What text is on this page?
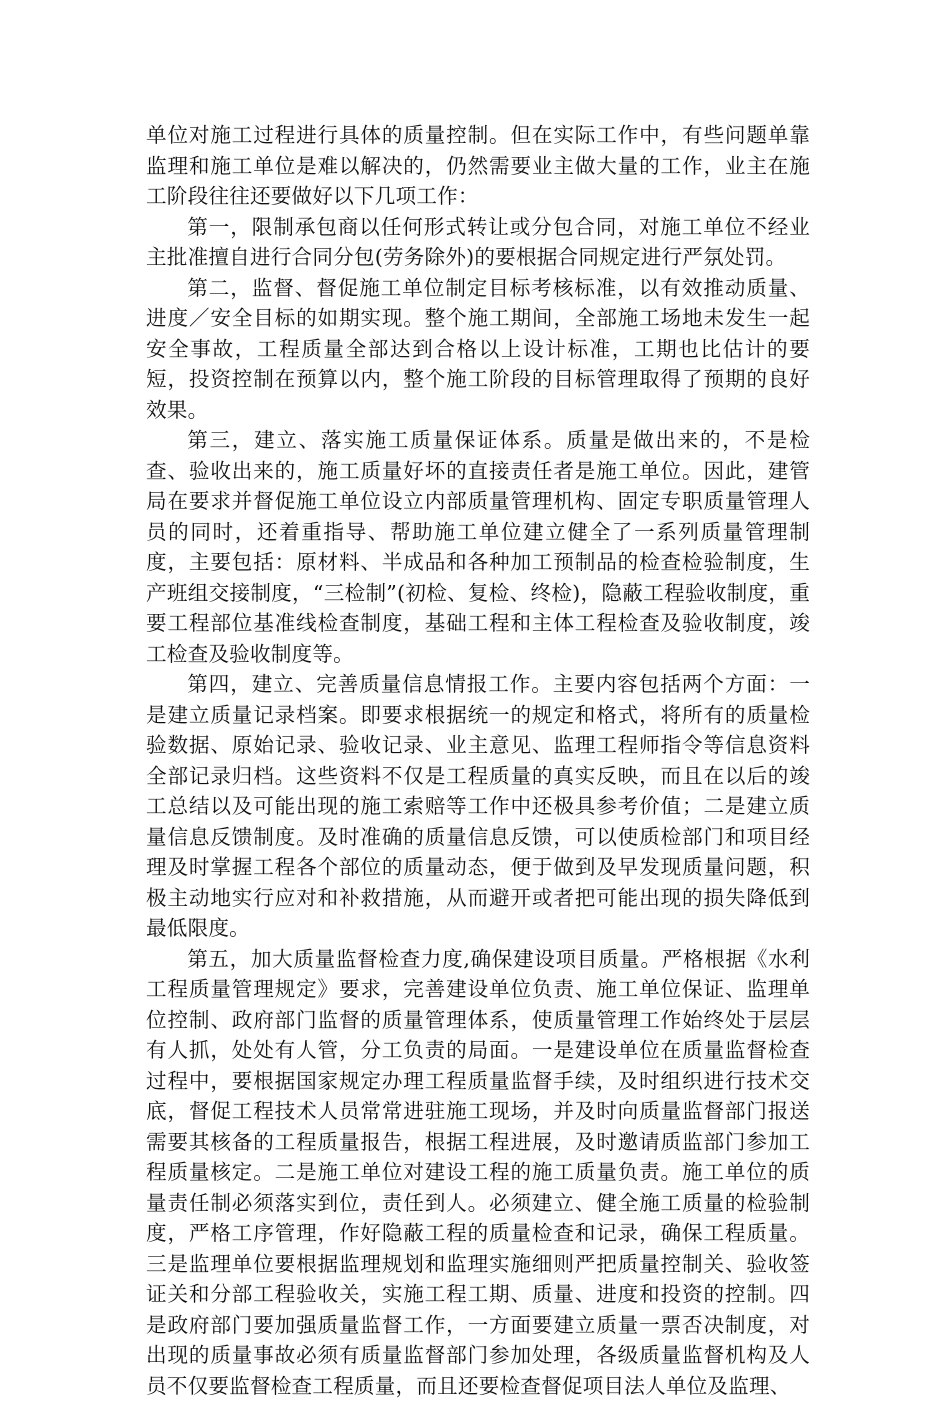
单位对施工过程进行具体的质量控制。但在实际工作中，有些问题单靠监理和施工单位是难以解决的，仍然需要业主做大量的工作，业主在施工阶段往往还要做好以下几项工作：

第一，限制承包商以任何形式转让或分包合同，对施工单位不经业主批准擅自进行合同分包(劳务除外)的要根据合同规定进行严氛处罚。

第二，监督、督促施工单位制定目标考核标准，以有效推动质量、进度／安全目标的如期实现。整个施工期间，全部施工场地未发生一起安全事故，工程质量全部达到合格以上设计标准，工期也比估计的要短，投资控制在预算以内，整个施工阶段的目标管理取得了预期的良好效果。

第三，建立、落实施工质量保证体系。质量是做出来的，不是检查、验收出来的，施工质量好坏的直接责任者是施工单位。因此，建管局在要求并督促施工单位设立内部质量管理机构、固定专职质量管理人员的同时，还着重指导、帮助施工单位建立健全了一系列质量管理制度，主要包括：原材料、半成品和各种加工预制品的检查检验制度，生产班组交接制度，“三检制”(初检、复检、终检)，隐蔽工程验收制度，重要工程部位基准线检查制度，基础工程和主体工程检查及验收制度，竣工检查及验收制度等。

第四，建立、完善质量信息情报工作。主要内容包括两个方面：一是建立质量记录档案。即要求根据统一的规定和格式，将所有的质量检验数据、原始记录、验收记录、业主意见、监理工程师指令等信息资料全部记录归档。这些资料不仅是工程质量的真实反映，而且在以后的竣工总结以及可能出现的施工索赔等工作中还极具参考价值；二是建立质量信息反馈制度。及时准确的质量信息反馈，可以使质检部门和项目经理及时掌握工程各个部位的质量动态，便于做到及早发现质量问题，积极主动地实行应对和补救措施，从而避开或者把可能出现的损失降低到最低限度。

第五，加大质量监督检查力度,确保建设项目质量。严格根据《水利工程质量管理规定》要求，完善建设单位负责、施工单位保证、监理单位控制、政府部门监督的质量管理体系，使质量管理工作始终处于层层有人抓，处处有人管，分工负责的局面。一是建设单位在质量监督检查过程中，要根据国家规定办理工程质量监督手续，及时组织进行技术交底，督促工程技术人员常常进驻施工现场，并及时向质量监督部门报送需要其核备的工程质量报告，根据工程进展，及时邀请质监部门参加工程质量核定。二是施工单位对建设工程的施工质量负责。施工单位的质量责任制必须落实到位，责任到人。必须建立、健全施工质量的检验制度，严格工序管理，作好隐蔽工程的质量检查和记录，确保工程质量。三是监理单位要根据监理规划和监理实施细则严把质量控制关、验收签证关和分部工程验收关，实施工程工期、质量、进度和投资的控制。四是政府部门要加强质量监督工作，一方面要建立质量一票否决制度，对出现的质量事故必须有质量监督部门参加处理，各级质量监督机构及人员不仅要监督检查工程质量，而且还要检查督促项目法人单位及监理、
